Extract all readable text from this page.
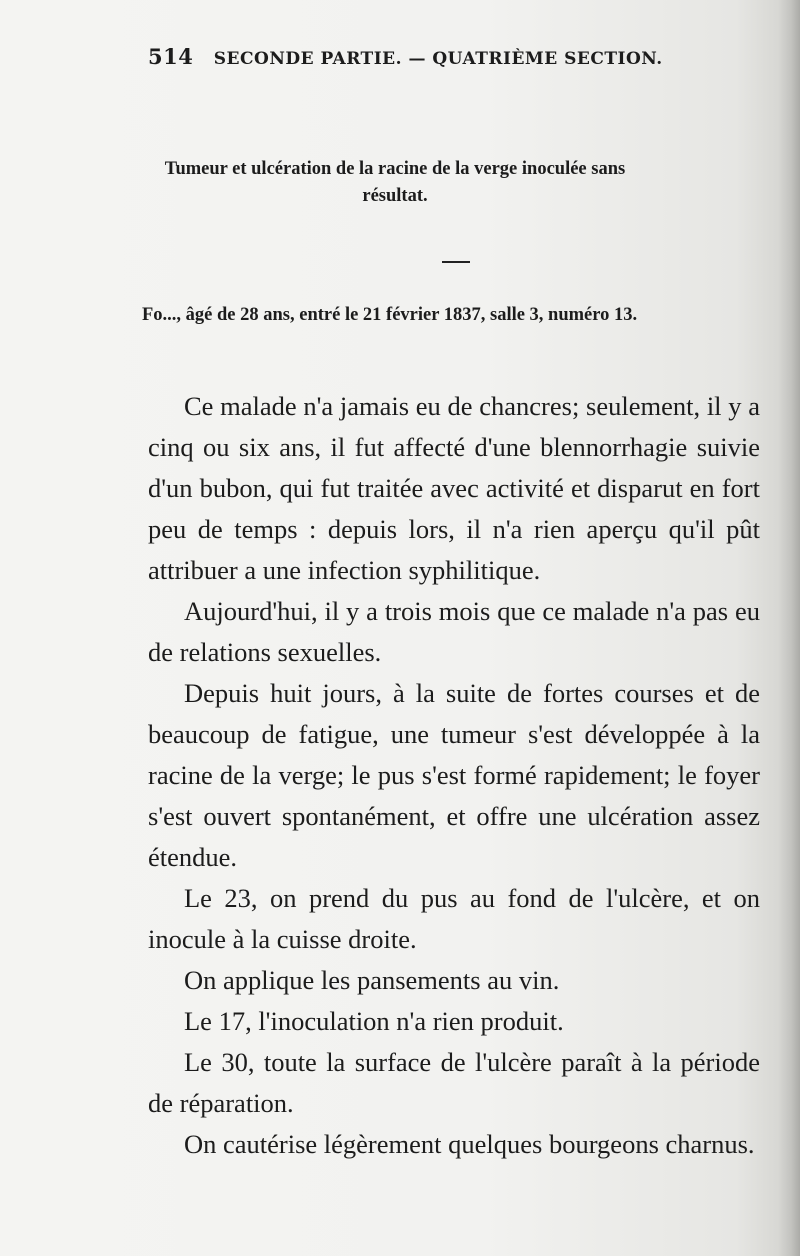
514 SECONDE PARTIE. — QUATRIÈME SECTION.
Tumeur et ulcération de la racine de la verge inoculée sans résultat.
Fo..., âgé de 28 ans, entré le 21 février 1837, salle 3, numéro 13.

Ce malade n'a jamais eu de chancres; seulement, il y a cinq ou six ans, il fut affecté d'une blennorrhagie suivie d'un bubon, qui fut traitée avec activité et disparut en fort peu de temps : depuis lors, il n'a rien aperçu qu'il pût attribuer a une infection syphilitique.

Aujourd'hui, il y a trois mois que ce malade n'a pas eu de relations sexuelles.

Depuis huit jours, à la suite de fortes courses et de beaucoup de fatigue, une tumeur s'est développée à la racine de la verge; le pus s'est formé rapidement; le foyer s'est ouvert spontanément, et offre une ulcération assez étendue.

Le 23, on prend du pus au fond de l'ulcère, et on inocule à la cuisse droite.

On applique les pansements au vin.

Le 17, l'inoculation n'a rien produit.

Le 30, toute la surface de l'ulcère paraît à la période de réparation.

On cautérise légèrement quelques bourgeons charnus.
